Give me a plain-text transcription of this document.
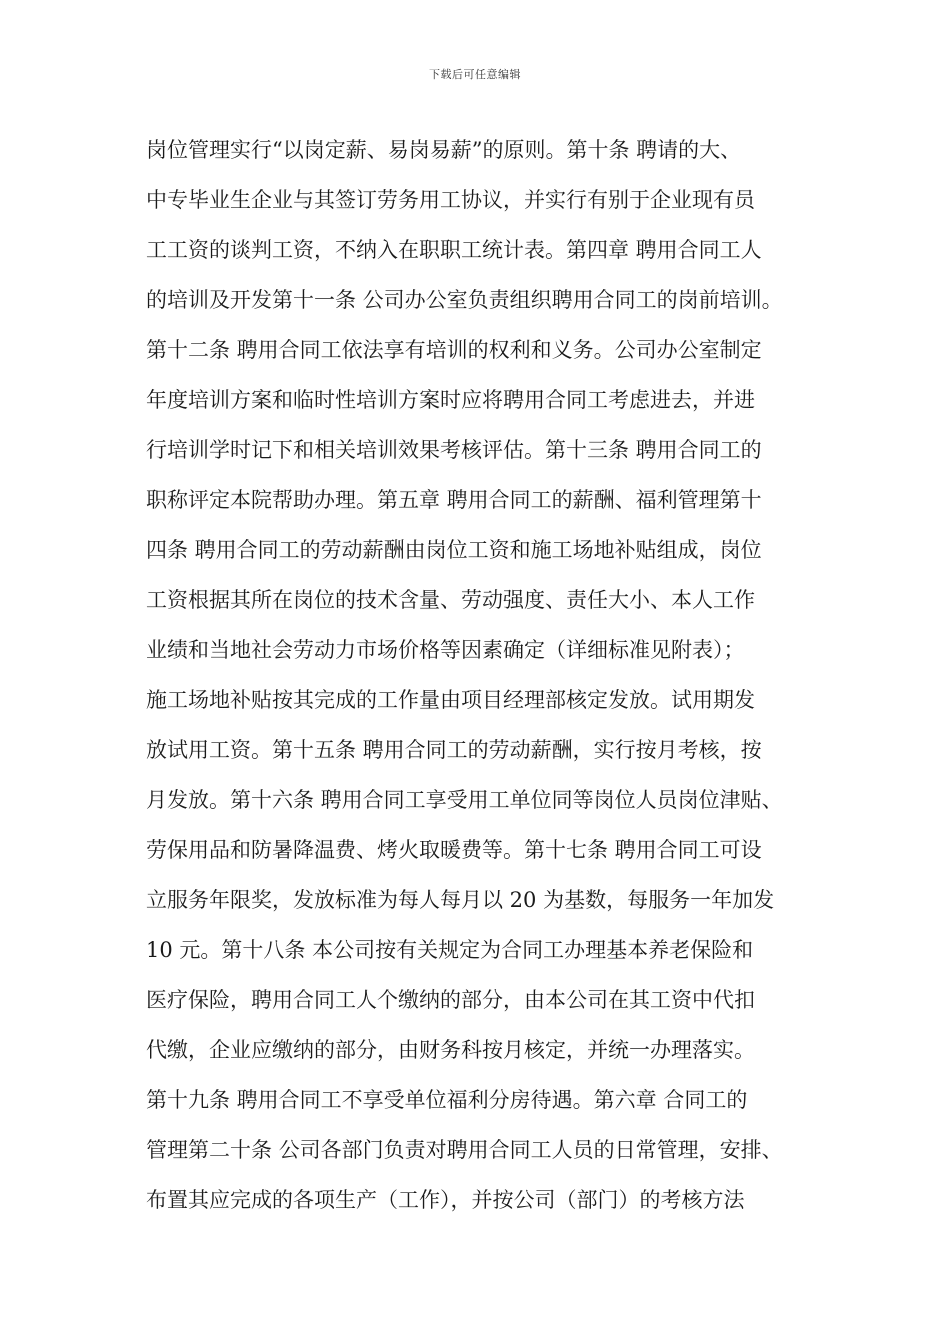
下载后可任意编辑
岗位管理实行“以岗定薪、易岗易薪”的原则。第十条 聘请的大、
中专毕业生企业与其签订劳务用工协议，并实行有别于企业现有员
工工资的谈判工资，不纳入在职职工统计表。第四章 聘用合同工人
的培训及开发第十一条 公司办公室负责组织聘用合同工的岗前培训。
第十二条 聘用合同工依法享有培训的权利和义务。公司办公室制定
年度培训方案和临时性培训方案时应将聘用合同工考虑进去，并进
行培训学时记下和相关培训效果考核评估。第十三条 聘用合同工的
职称评定本院帮助办理。第五章 聘用合同工的薪酬、福利管理第十
四条 聘用合同工的劳动薪酬由岗位工资和施工场地补贴组成，岗位
工资根据其所在岗位的技术含量、劳动强度、责任大小、本人工作
业绩和当地社会劳动力市场价格等因素确定（详细标准见附表）；
施工场地补贴按其完成的工作量由项目经理部核定发放。试用期发
放试用工资。第十五条 聘用合同工的劳动薪酬，实行按月考核，按
月发放。第十六条 聘用合同工享受用工单位同等岗位人员岗位津贴、
劳保用品和防暑降温费、烤火取暖费等。第十七条 聘用合同工可设
立服务年限奖，发放标准为每人每月以 20 为基数，每服务一年加发
10 元。第十八条 本公司按有关规定为合同工办理基本养老保险和
医疗保险，聘用合同工人个缴纳的部分，由本公司在其工资中代扣
代缴，企业应缴纳的部分，由财务科按月核定，并统一办理落实。
第十九条 聘用合同工不享受单位福利分房待遇。第六章 合同工的
管理第二十条 公司各部门负责对聘用合同工人员的日常管理，安排、
布置其应完成的各项生产（工作），并按公司（部门）的考核方法
